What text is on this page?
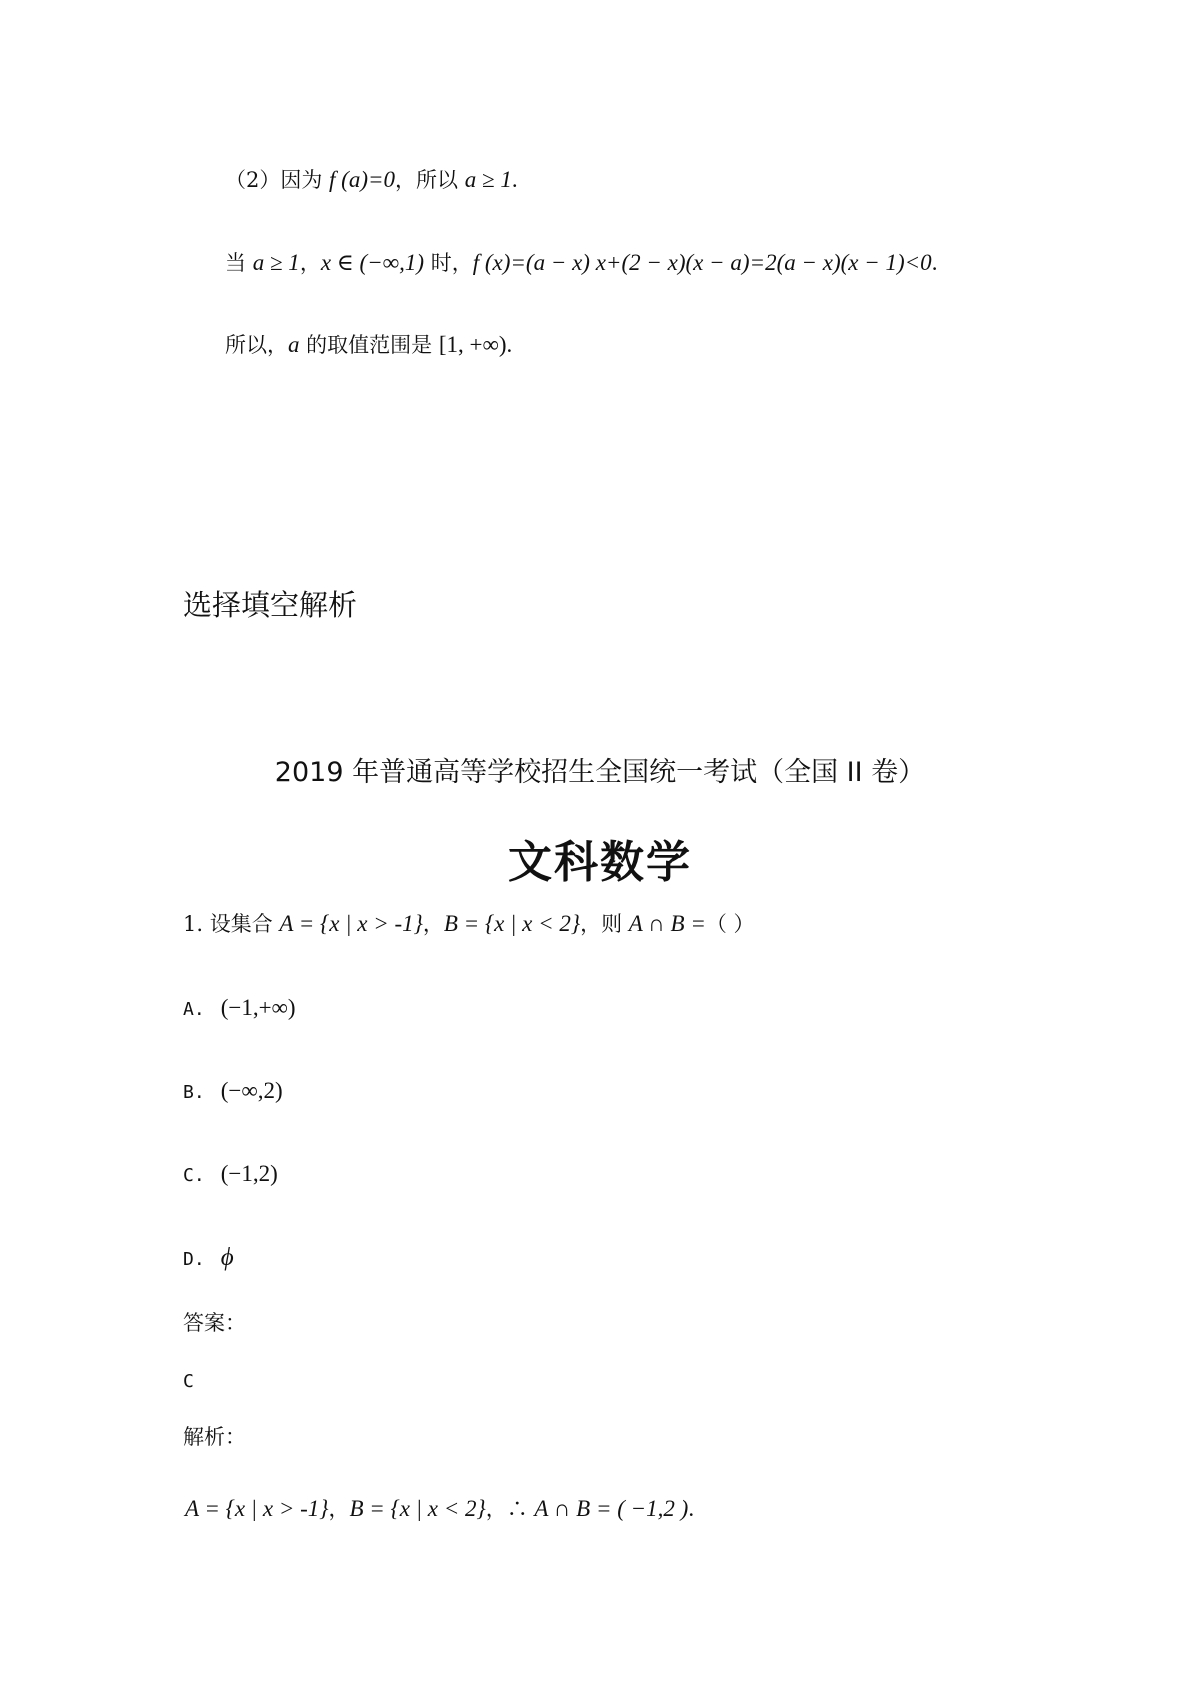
（2）因为 f (a)=0，所以 a ≥ 1.
当 a ≥ 1，x ∈ (−∞,1) 时，f (x)=(a − x) x+(2 − x)(x − a)=2(a − x)(x − 1)<0.
所以，a 的取值范围是 [1, +∞).
选择填空解析
2019 年普通高等学校招生全国统一考试（全国 II 卷）
文科数学
1. 设集合 A = {x | x > -1}，B = {x | x < 2}，则 A ∩ B =（ ）
A. (−1,+∞)
B. (−∞,2)
C. (−1,2)
D. ϕ
答案：
C
解析：
A = {x | x > -1}，B = {x | x < 2}，∴ A ∩ B = ( −1,2 ).
